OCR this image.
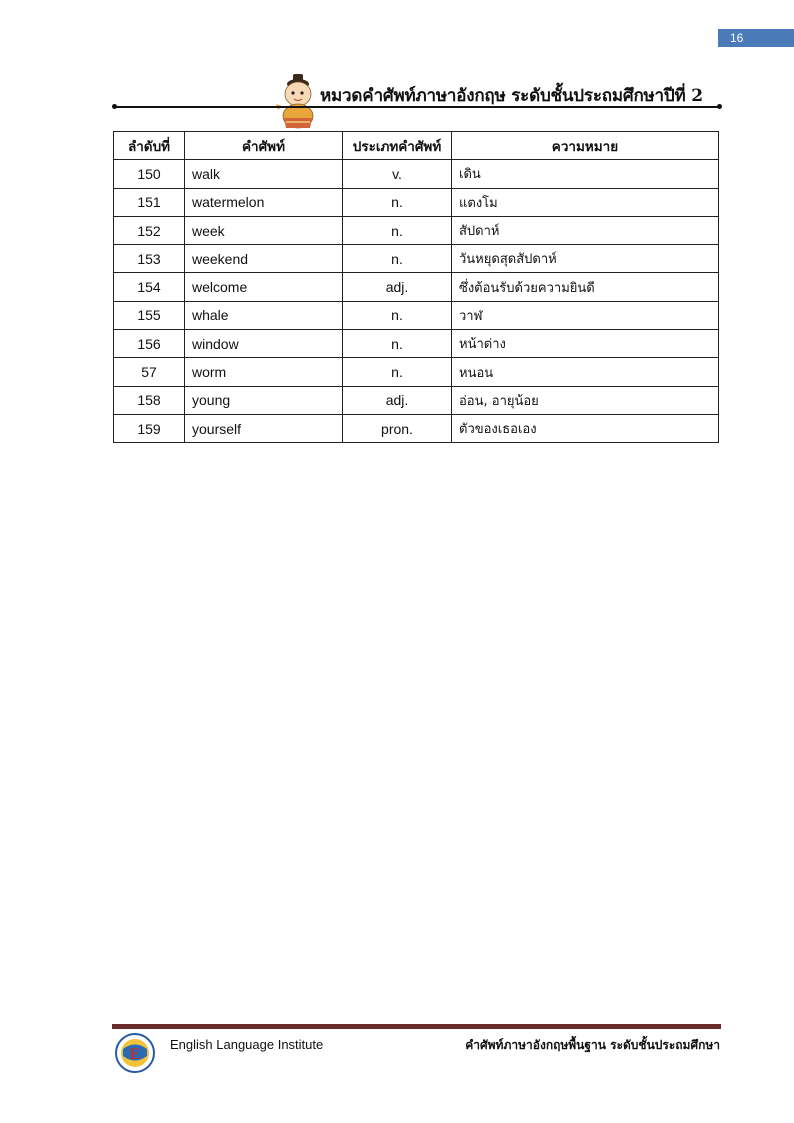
16
หมวดคำศัพท์ภาษาอังกฤษ ระดับชั้นประถมศึกษาปีที่ 2
ลำดับที่	คำศัพท์	ประเภทคำศัพท์	ความหมาย
150	walk	v.	เดิน
151	watermelon	n.	แตงโม
152	week	n.	สัปดาห์
153	weekend	n.	วันหยุดสุดสัปดาห์
154	welcome	adj.	ซึ่งต้อนรับด้วยความยินดี
155	whale	n.	วาฬ
156	window	n.	หน้าต่าง
57	worm	n.	หนอน
158	young	adj.	อ่อน, อายุน้อย
159	yourself	pron.	ตัวของเธอเอง
E
English Language Institute	คำศัพท์ภาษาอังกฤษพื้นฐาน ระดับชั้นประถมศึกษา
